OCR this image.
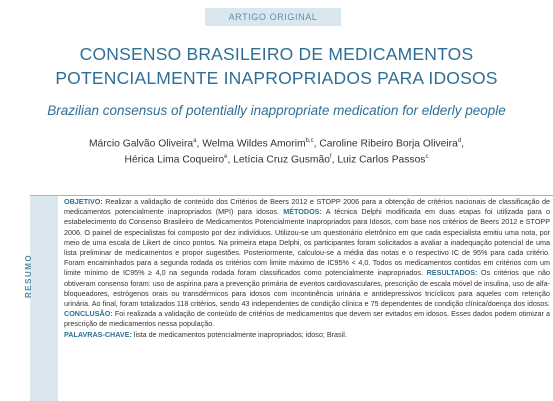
ARTIGO ORIGINAL
CONSENSO BRASILEIRO DE MEDICAMENTOS
POTENCIALMENTE INAPROPRIADOS PARA IDOSOS
Brazilian consensus of potentially inappropriate medication for elderly people
Márcio Galvão Oliveira$^a$, Welma Wildes Amorim$^{b,c}$, Caroline Ribeiro Borja Oliveira$^d$,
Hérica Lima Coqueiro$^e$, Letícia Cruz Gusmão$^f$, Luiz Carlos Passos$^c$
RESUMO
OBJETIVO: Realizar a validação de conteúdo dos Critérios de Beers 2012 e STOPP 2006 para a obtenção de critérios nacionais de classificação de medicamentos potencialmente inapropriados (MPI) para idosos. MÉTODOS: A técnica Delphi modificada em duas etapas foi utilizada para o estabelecimento do Consenso Brasileiro de Medicamentos Potencialmente Inapropriados para Idosos, com base nos critérios de Beers 2012 e STOPP 2006. O painel de especialistas foi composto por dez indivíduos. Utilizou-se um questionário eletrônico em que cada especialista emitiu uma nota, por meio de uma escala de Likert de cinco pontos. Na primeira etapa Delphi, os participantes foram solicitados a avaliar a inadequação potencial de uma lista preliminar de medicamentos e propor sugestões. Posteriormente, calculou-se a média das notas e o respectivo IC de 95% para cada critério. Foram encaminhados para a segunda rodada os critérios com limite máximo de IC95% < 4,0. Todos os medicamentos contidos em critérios com um limite mínimo de IC95% ≥ 4,0 na segunda rodada foram classificados como potencialmente inapropriados. RESULTADOS: Os critérios que não obtiveram consenso foram: uso de aspirina para a prevenção primária de eventos cardiovasculares, prescrição de escala móvel de insulina, uso de alfa-bloqueadores, estrógenos orais ou transdérmicos para idosos com incontinência urinária e antidepressivos tricíclicos para aqueles com retenção urinária. Ao final, foram totalizados 118 critérios, sendo 43 independentes de condição clínica e 75 dependentes de condição clínica/doença dos idosos. CONCLUSÃO: Foi realizada a validação de conteúdo de critérios de medicamentos que devem ser evitados em idosos. Esses dados podem otimizar a prescrição de medicamentos nessa população.
PALAVRAS-CHAVE: lista de medicamentos potencialmente inapropriados; idoso; Brasil.
